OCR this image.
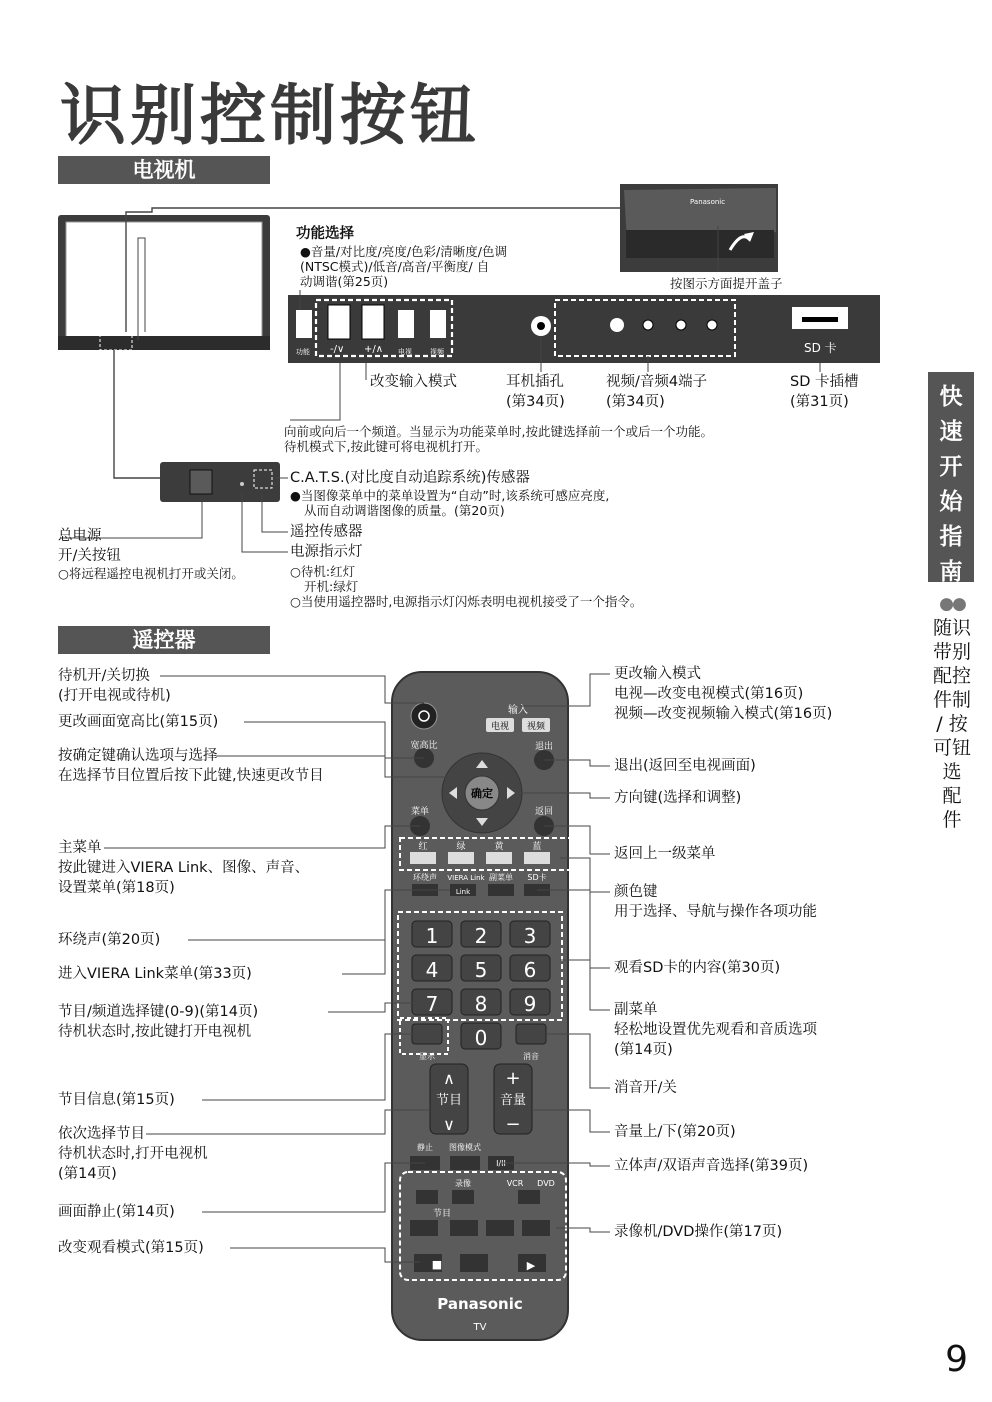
识别控制按钮
电视机
遥控器
快速开始指南
●●
随识
带别
配控
件制
/ 按
可钮
选
配
件
Panasonic
SD 卡
功能 -/∨ +/∧ 电视	视频
功能选择
●音量/对比度/亮度/色彩/清晰度/色调
(NTSC模式)/低音/高音/平衡度/ 自
动调谐(第25页)	按图示方面提开盖子
改变输入模式	耳机插孔
(第34页)
视频/音频4端子
(第34页)
SD 卡插槽
(第31页)
向前或向后一个频道。当显示为功能菜单时,按此键选择前一个或后一个功能。
待机模式下,按此键可将电视机打开。
C.A.T.S.(对比度自动追踪系统)传感器
●当图像菜单中的菜单设置为“自动”时,该系统可感应亮度,
从而自动调谐图像的质量。(第20页)
遥控传感器
电源指示灯
○待机:红灯
开机:绿灯
○当使用遥控器时,电源指示灯闪烁表明电视机接受了一个指令。
总电源
开/关按钮
○将远程遥控电视机打开或关闭。
1 2 3
4 5 6
7 8 9
0
∧
∨
+
−
■	▶
输入
电视 视频
宽高比	退出
确定
菜单	返回
红	绿	黄	蓝
环绕声 VIERA Link 副菜单 SD卡
Link
显示	消音
节目	音量
静止 图像模式
I/II
录像	VCR DVD
节目
Panasonic
TV
待机开/关切换
(打开电视或待机)
更改画面宽高比(第15页)
按确定键确认选项与选择
在选择节目位置后按下此键,快速更改节目
主菜单
按此键进入VIERA Link、图像、声音、
设置菜单(第18页)
环绕声(第20页)
进入VIERA Link菜单(第33页)
节目/频道选择键(0-9)(第14页)
待机状态时,按此键打开电视机
节目信息(第15页)
依次选择节目
待机状态时,打开电视机
(第14页)
画面静止(第14页)
改变观看模式(第15页)
更改输入模式
电视—改变电视模式(第16页)
视频—改变视频输入模式(第16页)
退出(返回至电视画面)
方向键(选择和调整)
返回上一级菜单
颜色键
用于选择、导航与操作各项功能
观看SD卡的内容(第30页)
副菜单
轻松地设置优先观看和音质选项
(第14页)
消音开/关
音量上/下(第20页)
立体声/双语声音选择(第39页)
录像机/DVD操作(第17页)
9
